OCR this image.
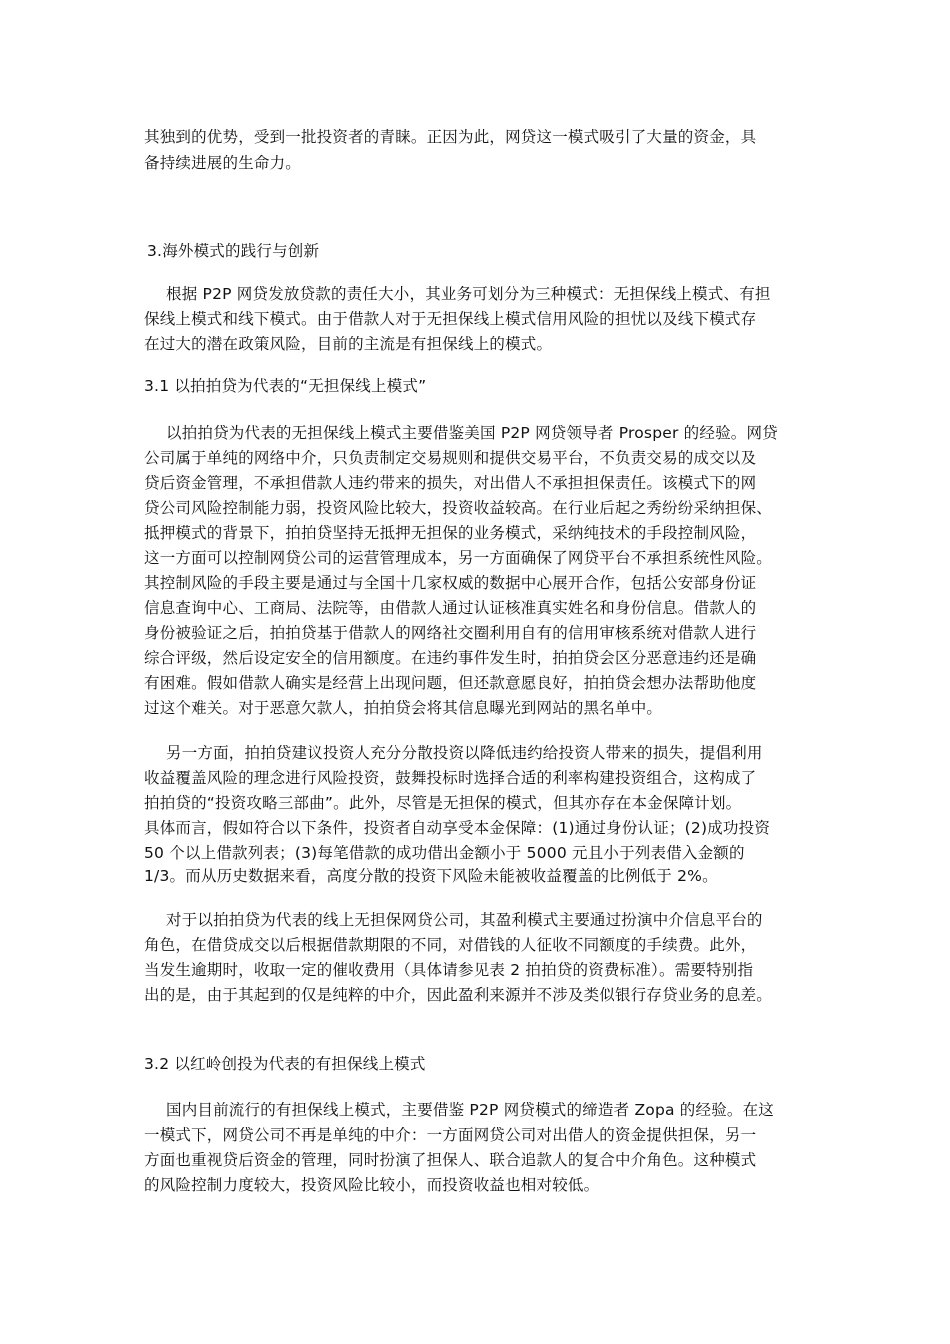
其独到的优势，受到一批投资者的青睐。正因为此，网贷这一模式吸引了大量的资金，具
备持续进展的生命力。
3.海外模式的践行与创新
根据 P2P 网贷发放贷款的责任大小，其业务可划分为三种模式：无担保线上模式、有担
保线上模式和线下模式。由于借款人对于无担保线上模式信用风险的担忧以及线下模式存
在过大的潜在政策风险，目前的主流是有担保线上的模式。
3.1 以拍拍贷为代表的“无担保线上模式”
以拍拍贷为代表的无担保线上模式主要借鉴美国 P2P 网贷领导者 Prosper 的经验。网贷
公司属于单纯的网络中介，只负责制定交易规则和提供交易平台，不负责交易的成交以及
贷后资金管理，不承担借款人违约带来的损失，对出借人不承担担保责任。该模式下的网
贷公司风险控制能力弱，投资风险比较大，投资收益较高。在行业后起之秀纷纷采纳担保、
抵押模式的背景下，拍拍贷坚持无抵押无担保的业务模式，采纳纯技术的手段控制风险，
这一方面可以控制网贷公司的运营管理成本，另一方面确保了网贷平台不承担系统性风险。
其控制风险的手段主要是通过与全国十几家权威的数据中心展开合作，包括公安部身份证
信息查询中心、工商局、法院等，由借款人通过认证核准真实姓名和身份信息。借款人的
身份被验证之后，拍拍贷基于借款人的网络社交圈利用自有的信用审核系统对借款人进行
综合评级，然后设定安全的信用额度。在违约事件发生时，拍拍贷会区分恶意违约还是确
有困难。假如借款人确实是经营上出现问题，但还款意愿良好，拍拍贷会想办法帮助他度
过这个难关。对于恶意欠款人，拍拍贷会将其信息曝光到网站的黑名单中。
另一方面，拍拍贷建议投资人充分分散投资以降低违约给投资人带来的损失，提倡利用
收益覆盖风险的理念进行风险投资，鼓舞投标时选择合适的利率构建投资组合，这构成了
拍拍贷的“投资攻略三部曲”。此外，尽管是无担保的模式，但其亦存在本金保障计划。
具体而言，假如符合以下条件，投资者自动享受本金保障：(1)通过身份认证；(2)成功投资
50 个以上借款列表；(3)每笔借款的成功借出金额小于 5000 元且小于列表借入金额的
1/3。而从历史数据来看，高度分散的投资下风险未能被收益覆盖的比例低于 2%。
对于以拍拍贷为代表的线上无担保网贷公司，其盈利模式主要通过扮演中介信息平台的
角色，在借贷成交以后根据借款期限的不同，对借钱的人征收不同额度的手续费。此外，
当发生逾期时，收取一定的催收费用（具体请参见表 2 拍拍贷的资费标准）。需要特别指
出的是，由于其起到的仅是纯粹的中介，因此盈利来源并不涉及类似银行存贷业务的息差。
3.2 以红岭创投为代表的有担保线上模式
国内目前流行的有担保线上模式，主要借鉴 P2P 网贷模式的缔造者 Zopa 的经验。在这
一模式下，网贷公司不再是单纯的中介：一方面网贷公司对出借人的资金提供担保，另一
方面也重视贷后资金的管理，同时扮演了担保人、联合追款人的复合中介角色。这种模式
的风险控制力度较大，投资风险比较小，而投资收益也相对较低。
